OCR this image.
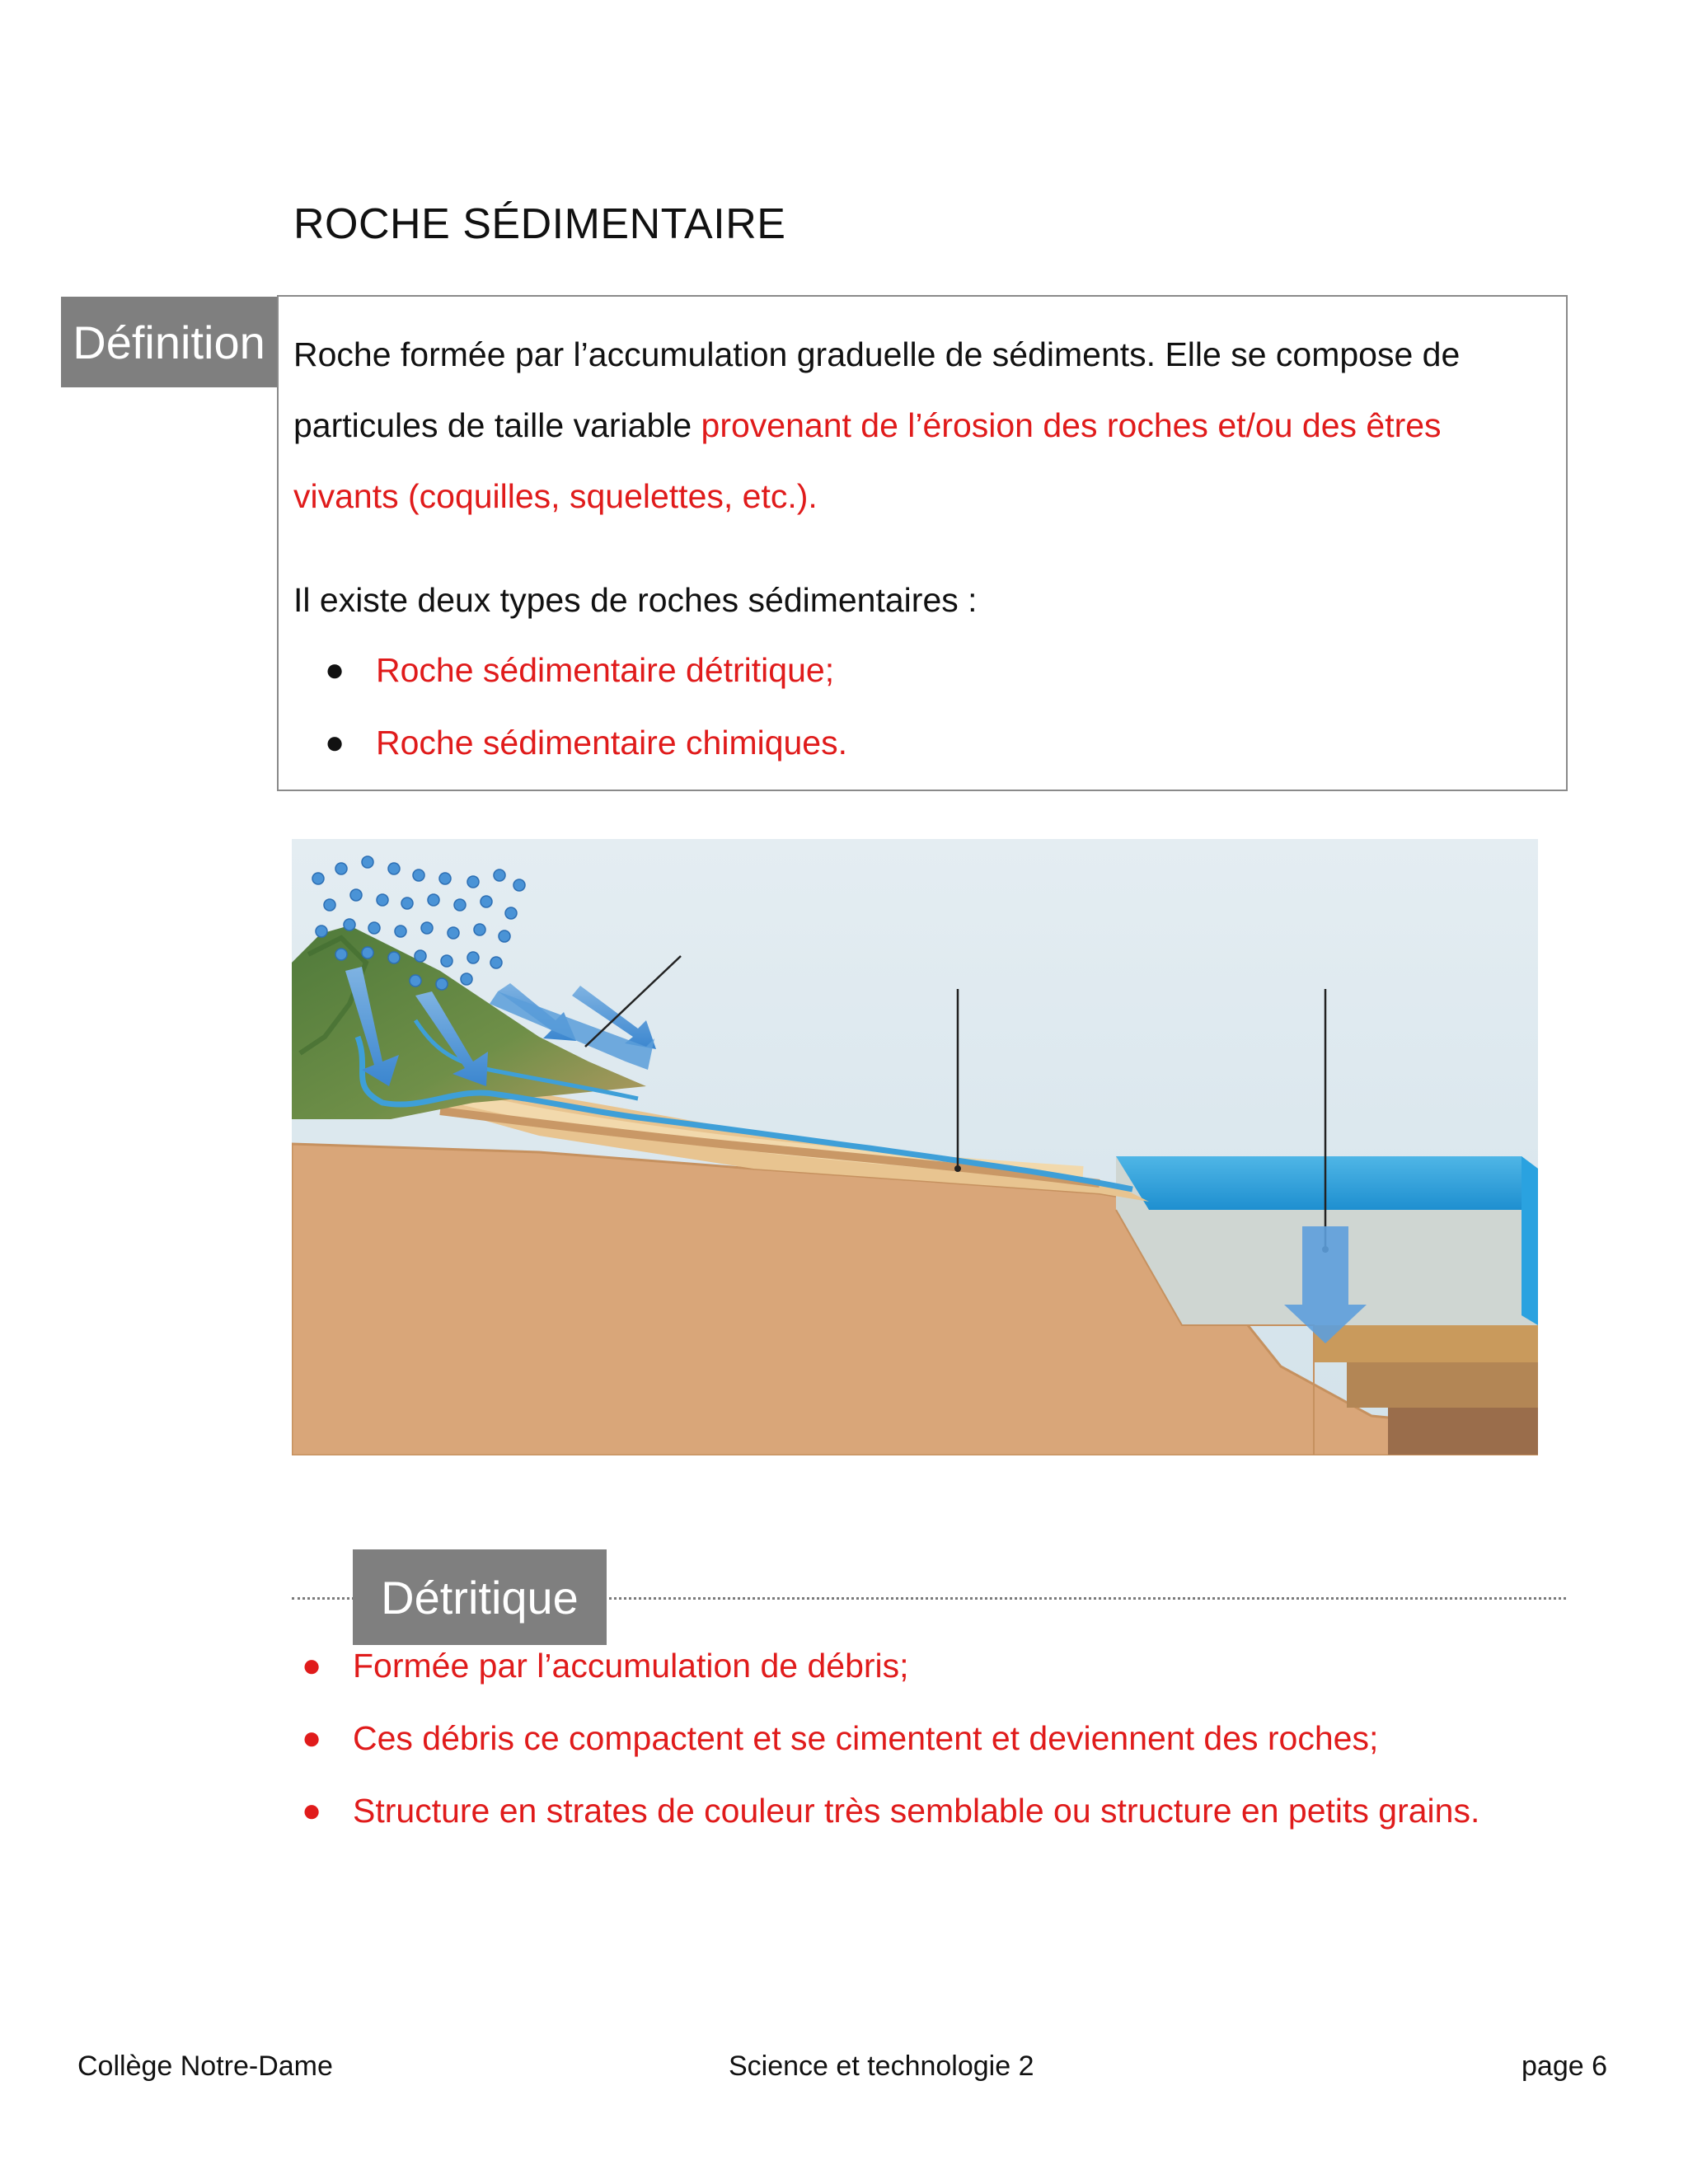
ROCHE SÉDIMENTAIRE
Définition Roche formée par l’accumulation graduelle de sédiments. Elle se compose de
particules de taille variable provenant de l’érosion des roches et/ou des êtres
vivants (coquilles, squelettes, etc.).
Il existe deux types de roches sédimentaires :
● Roche sédimentaire détritique;
● Roche sédimentaire chimiques.
Détritique
● Formée par l’accumulation de débris;
● Ces débris ce compactent et se cimentent et deviennent des roches;
● Structure en strates de couleur très semblable ou structure en petits grains.
Collège Notre-Dame	Science et technologie 2	page 6
